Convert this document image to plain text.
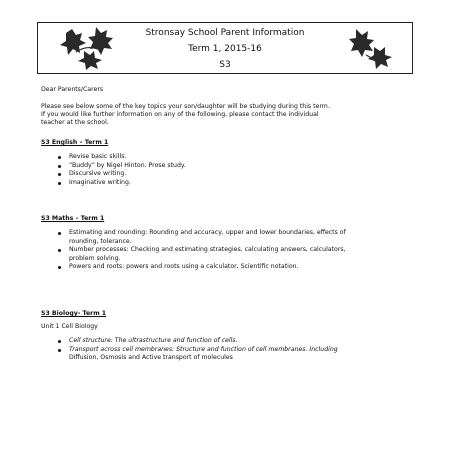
Stronsay School Parent Information
Term 1, 2015-16
S3
Dear Parents/Carers
Please see below some of the key topics your son/daughter will be studying during this term.
If you would like further information on any of the following, please contact the individual
teacher at the school.
S3 English – Term 1
Revise basic skills.
“Buddy” by Nigel Hinton. Prose study.
Discursive writing.
Imaginative writing.
S3 Maths – Term 1
Estimating and rounding: Rounding and accuracy, upper and lower boundaries, effects of
rounding, tolerance.
Number processes: Checking and estimating strategies, calculating answers, calculators,
problem solving.
Powers and roots: powers and roots using a calculator, Scientific notation.
S3 Biology- Term 1
Unit 1 Cell Biology
Cell structure: The ultrastructure and function of cells.
Transport across cell membranes: Structure and function of cell membranes. Including
Diffusion, Osmosis and Active transport of molecules
